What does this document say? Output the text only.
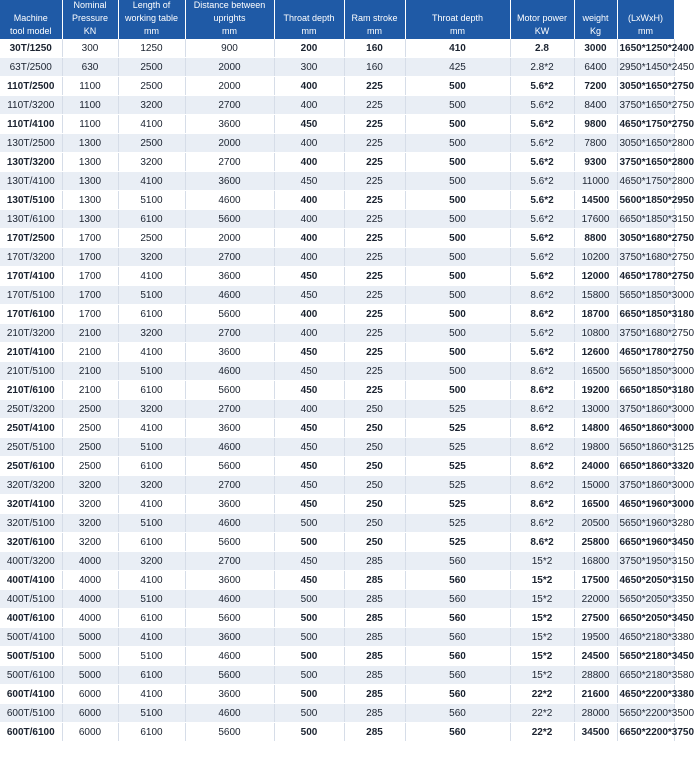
Machine
tool model	Nominal
Pressure
KN	Length of
working table
mm	Distance between
uprights
mm	Throat depth
mm	Ram stroke
mm	Throat depth
mm	Motor power
KW	weight
Kg	(LxWxH)
mm

30T/1250	300	1250	900	200	160	410	2.8	3000	1650*1250*2400
63T/2500	630	2500	2000	300	160	425	2.8*2	6400	2950*1450*2450
110T/2500	1100	2500	2000	400	225	500	5.6*2	7200	3050*1650*2750
110T/3200	1100	3200	2700	400	225	500	5.6*2	8400	3750*1650*2750
110T/4100	1100	4100	3600	450	225	500	5.6*2	9800	4650*1750*2750
130T/2500	1300	2500	2000	400	225	500	5.6*2	7800	3050*1650*2800
130T/3200	1300	3200	2700	400	225	500	5.6*2	9300	3750*1650*2800
130T/4100	1300	4100	3600	450	225	500	5.6*2	11000	4650*1750*2800
130T/5100	1300	5100	4600	400	225	500	5.6*2	14500	5600*1850*2950
130T/6100	1300	6100	5600	400	225	500	5.6*2	17600	6650*1850*3150
170T/2500	1700	2500	2000	400	225	500	5.6*2	8800	3050*1680*2750
170T/3200	1700	3200	2700	400	225	500	5.6*2	10200	3750*1680*2750
170T/4100	1700	4100	3600	450	225	500	5.6*2	12000	4650*1780*2750
170T/5100	1700	5100	4600	450	225	500	8.6*2	15800	5650*1850*3000
170T/6100	1700	6100	5600	400	225	500	8.6*2	18700	6650*1850*3180
210T/3200	2100	3200	2700	400	225	500	5.6*2	10800	3750*1680*2750
210T/4100	2100	4100	3600	450	225	500	5.6*2	12600	4650*1780*2750
210T/5100	2100	5100	4600	450	225	500	8.6*2	16500	5650*1850*3000
210T/6100	2100	6100	5600	450	225	500	8.6*2	19200	6650*1850*3180
250T/3200	2500	3200	2700	400	250	525	8.6*2	13000	3750*1860*3000
250T/4100	2500	4100	3600	450	250	525	8.6*2	14800	4650*1860*3000
250T/5100	2500	5100	4600	450	250	525	8.6*2	19800	5650*1860*3125
250T/6100	2500	6100	5600	450	250	525	8.6*2	24000	6650*1860*3320
320T/3200	3200	3200	2700	450	250	525	8.6*2	15000	3750*1860*3000
320T/4100	3200	4100	3600	450	250	525	8.6*2	16500	4650*1960*3000
320T/5100	3200	5100	4600	500	250	525	8.6*2	20500	5650*1960*3280
320T/6100	3200	6100	5600	500	250	525	8.6*2	25800	6650*1960*3450
400T/3200	4000	3200	2700	450	285	560	15*2	16800	3750*1950*3150
400T/4100	4000	4100	3600	450	285	560	15*2	17500	4650*2050*3150
400T/5100	4000	5100	4600	500	285	560	15*2	22000	5650*2050*3350
400T/6100	4000	6100	5600	500	285	560	15*2	27500	6650*2050*3450
500T/4100	5000	4100	3600	500	285	560	15*2	19500	4650*2180*3380
500T/5100	5000	5100	4600	500	285	560	15*2	24500	5650*2180*3450
500T/6100	5000	6100	5600	500	285	560	15*2	28800	6650*2180*3580
600T/4100	6000	4100	3600	500	285	560	22*2	21600	4650*2200*3380
600T/5100	6000	5100	4600	500	285	560	22*2	28000	5650*2200*3500
600T/6100	6000	6100	5600	500	285	560	22*2	34500	6650*2200*3750
